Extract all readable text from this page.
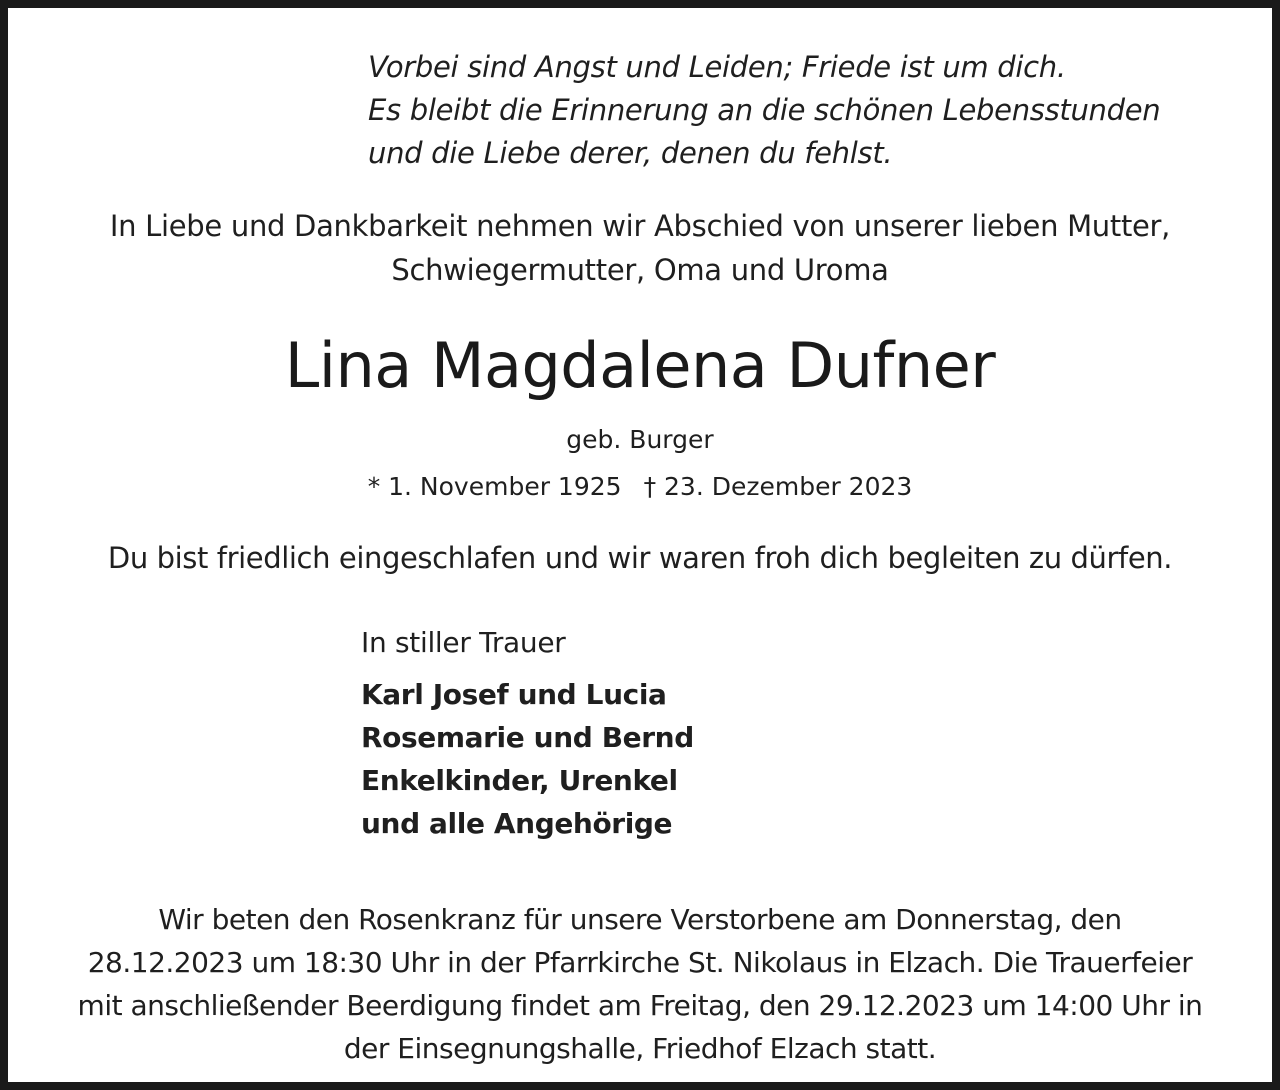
Vorbei sind Angst und Leiden; Friede ist um dich.
Es bleibt die Erinnerung an die schönen Lebensstunden
und die Liebe derer, denen du fehlst.

In Liebe und Dankbarkeit nehmen wir Abschied von unserer lieben Mutter,
Schwiegermutter, Oma und Uroma

Lina Magdalena Dufner

geb. Burger

* 1. November 1925 † 23. Dezember 2023

Du bist friedlich eingeschlafen und wir waren froh dich begleiten zu dürfen.

In stiller Trauer

Karl Josef und Lucia
Rosemarie und Bernd
Enkelkinder, Urenkel
und alle Angehörige

Wir beten den Rosenkranz für unsere Verstorbene am Donnerstag, den
28.12.2023 um 18:30 Uhr in der Pfarrkirche St. Nikolaus in Elzach. Die Trauerfeier
mit anschließender Beerdigung findet am Freitag, den 29.12.2023 um 14:00 Uhr in
der Einsegnungshalle, Friedhof Elzach statt.
